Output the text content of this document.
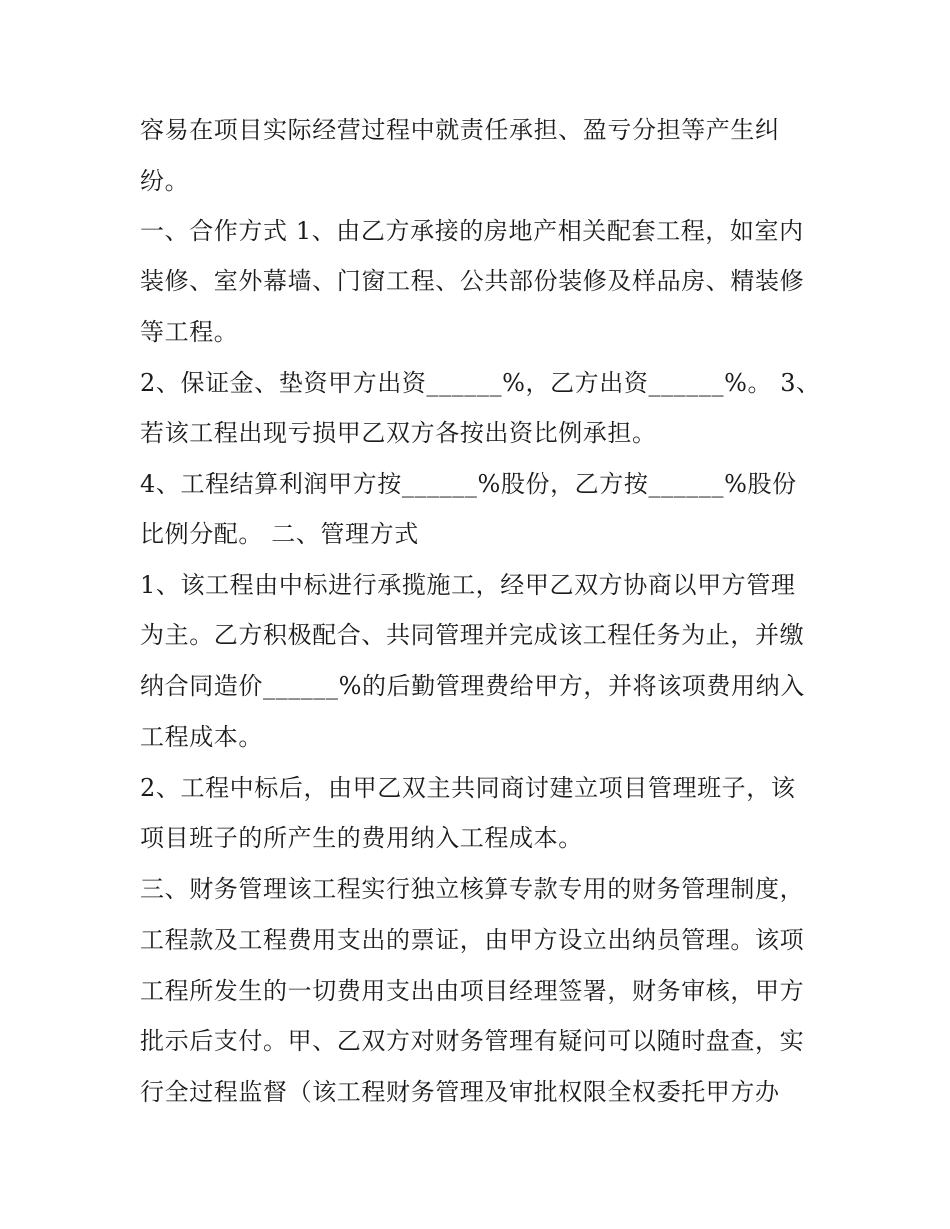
容易在项目实际经营过程中就责任承担、盈亏分担等产生纠
纷。
一、合作方式 1、由乙方承接的房地产相关配套工程，如室内
装修、室外幕墙、门窗工程、公共部份装修及样品房、精装修
等工程。
2、保证金、垫资甲方出资______%，乙方出资______%。 3、
若该工程出现亏损甲乙双方各按出资比例承担。
4、工程结算利润甲方按______%股份，乙方按______%股份
比例分配。 二、管理方式
1、该工程由中标进行承揽施工，经甲乙双方协商以甲方管理
为主。乙方积极配合、共同管理并完成该工程任务为止，并缴
纳合同造价______%的后勤管理费给甲方，并将该项费用纳入
工程成本。
2、工程中标后，由甲乙双主共同商讨建立项目管理班子，该
项目班子的所产生的费用纳入工程成本。
三、财务管理该工程实行独立核算专款专用的财务管理制度，
工程款及工程费用支出的票证，由甲方设立出纳员管理。该项
工程所发生的一切费用支出由项目经理签署，财务审核，甲方
批示后支付。甲、乙双方对财务管理有疑问可以随时盘查，实
行全过程监督（该工程财务管理及审批权限全权委托甲方办
